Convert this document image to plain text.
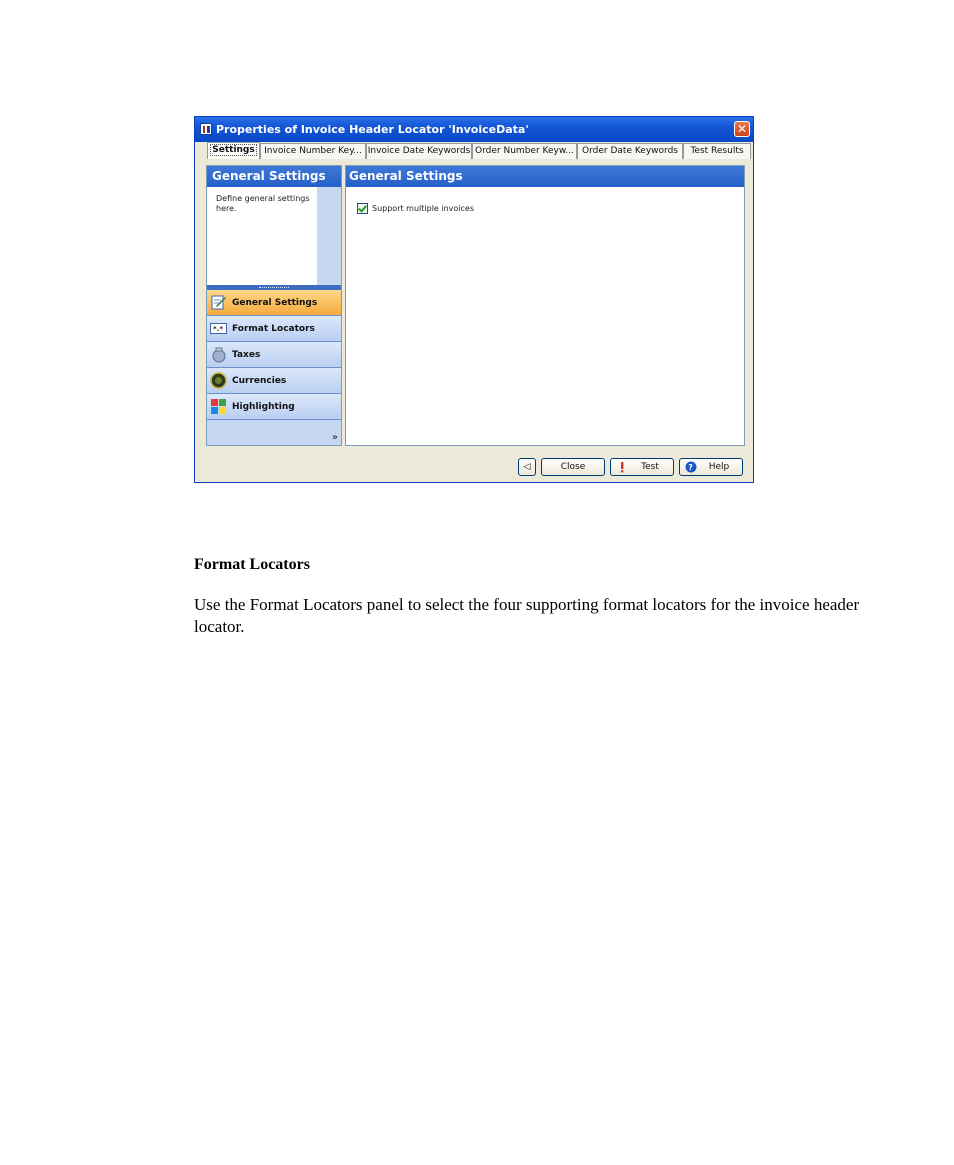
Properties of Invoice Header Locator 'InvoiceData'	✕
Settings	Invoice Number Key... Invoice Date Keywords Order Number Keyw... Order Date Keywords	Test Results
General Settings
Define general settings here.
General Settings
*.* Format Locators
Taxes
Currencies
Highlighting
»
General Settings
Support multiple invoices
◁	Close	Test	?	Help
Format Locators
Use the Format Locators panel to select the four supporting format locators for the invoice header locator.
